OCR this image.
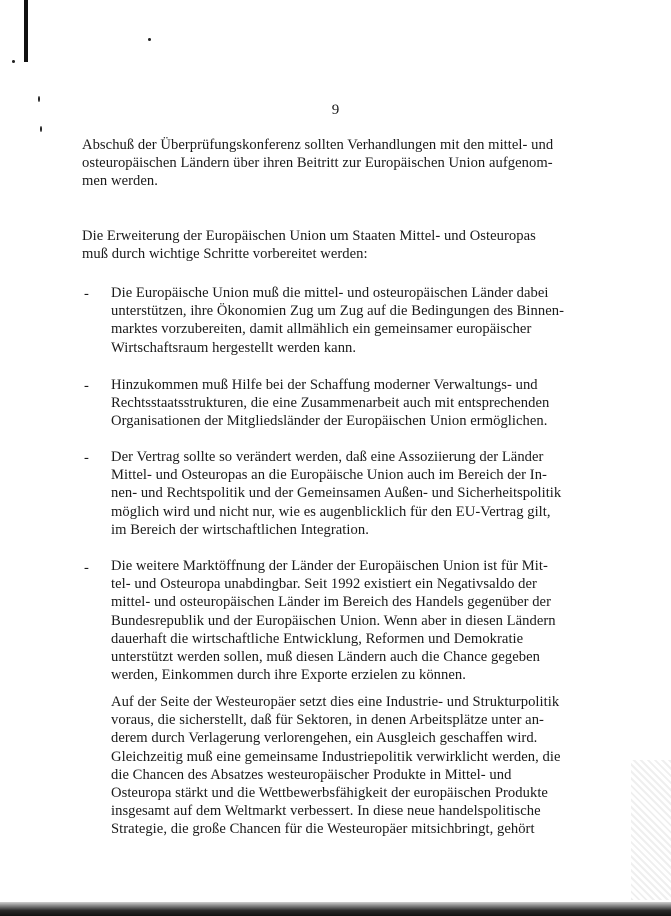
9
Abschuß der Überprüfungskonferenz sollten Verhandlungen mit den mittel- und
osteuropäischen Ländern über ihren Beitritt zur Europäischen Union aufgenom-
men werden.
Die Erweiterung der Europäischen Union um Staaten Mittel- und Osteuropas
muß durch wichtige Schritte vorbereitet werden:
- Die Europäische Union muß die mittel- und osteuropäischen Länder dabei
unterstützen, ihre Ökonomien Zug um Zug auf die Bedingungen des Binnen-
marktes vorzubereiten, damit allmählich ein gemeinsamer europäischer
Wirtschaftsraum hergestellt werden kann.
- Hinzukommen muß Hilfe bei der Schaffung moderner Verwaltungs- und
Rechtsstaatsstrukturen, die eine Zusammenarbeit auch mit entsprechenden
Organisationen der Mitgliedsländer der Europäischen Union ermöglichen.
- Der Vertrag sollte so verändert werden, daß eine Assoziierung der Länder
Mittel- und Osteuropas an die Europäische Union auch im Bereich der In-
nen- und Rechtspolitik und der Gemeinsamen Außen- und Sicherheitspolitik
möglich wird und nicht nur, wie es augenblicklich für den EU-Vertrag gilt,
im Bereich der wirtschaftlichen Integration.
- Die weitere Marktöffnung der Länder der Europäischen Union ist für Mit-
tel- und Osteuropa unabdingbar. Seit 1992 existiert ein Negativsaldo der
mittel- und osteuropäischen Länder im Bereich des Handels gegenüber der
Bundesrepublik und der Europäischen Union. Wenn aber in diesen Ländern
dauerhaft die wirtschaftliche Entwicklung, Reformen und Demokratie
unterstützt werden sollen, muß diesen Ländern auch die Chance gegeben
werden, Einkommen durch ihre Exporte erzielen zu können.
Auf der Seite der Westeuropäer setzt dies eine Industrie- und Strukturpolitik
voraus, die sicherstellt, daß für Sektoren, in denen Arbeitsplätze unter an-
derem durch Verlagerung verlorengehen, ein Ausgleich geschaffen wird.
Gleichzeitig muß eine gemeinsame Industriepolitik verwirklicht werden, die
die Chancen des Absatzes westeuropäischer Produkte in Mittel- und
Osteuropa stärkt und die Wettbewerbsfähigkeit der europäischen Produkte
insgesamt auf dem Weltmarkt verbessert. In diese neue handelspolitische
Strategie, die große Chancen für die Westeuropäer mitsichbringt, gehört
